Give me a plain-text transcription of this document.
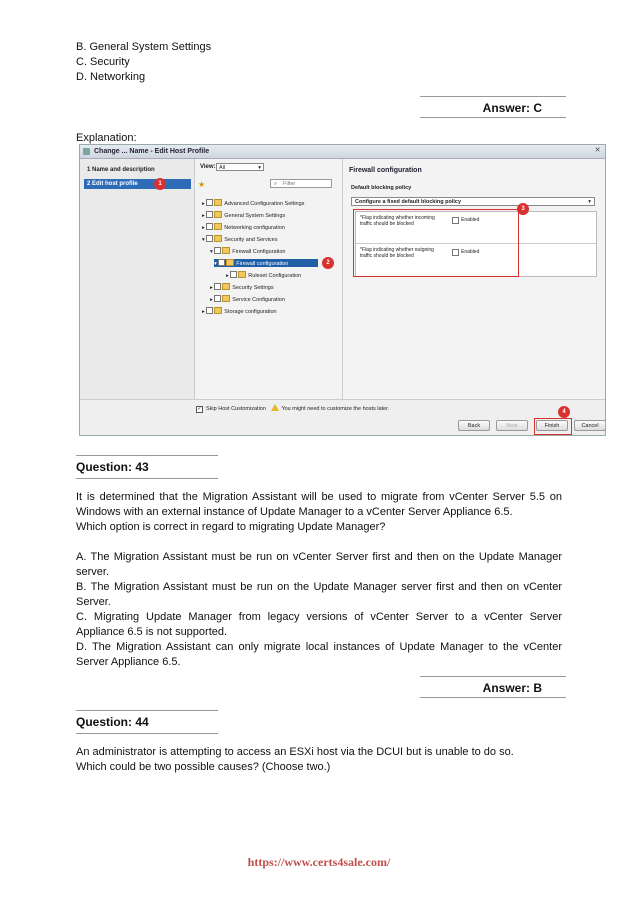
B. General System Settings
C. Security
D. Networking
Answer: C
Explanation:
Change ... Name - Edit Host Profile	✕
1 Name and description
2 Edit host profile	1
View: All	▾
★	⌕ Filter
▸	Advanced Configuration Settings
▸	General System Settings
▸	Networking configuration
▾	Security and Services
▾	Firewall Configuration
▾	Firewall configuration
▸	Ruleset Configuration
▸	Security Settings
▸	Service Configuration
▸	Storage configuration
2
Firewall configuration
Default blocking policy
Configure a fixed default blocking policy	▾
*Flag indicating whether incoming traffic should be blocked
Enabled
*Flag indicating whether outgoing traffic should be blocked
Enabled
3
✓ Skip Host Customization	You might need to customize the hosts later.
Back	Next	Finish	Cancel
4
Question: 43

It is determined that the Migration Assistant will be used to migrate from vCenter Server 5.5 on Windows with an external instance of Update Manager to a vCenter Server Appliance 6.5.

Which option is correct in regard to migrating Update Manager?

A. The Migration Assistant must be run on vCenter Server first and then on the Update Manager server.

B. The Migration Assistant must be run on the Update Manager server first and then on vCenter Server.

C. Migrating Update Manager from legacy versions of vCenter Server to a vCenter Server Appliance 6.5 is not supported.

D. The Migration Assistant can only migrate local instances of Update Manager to the vCenter Server Appliance 6.5.

Answer: B
Question: 44

An administrator is attempting to access an ESXi host via the DCUI but is unable to do so.

Which could be two possible causes? (Choose two.)

https://www.certs4sale.com/
